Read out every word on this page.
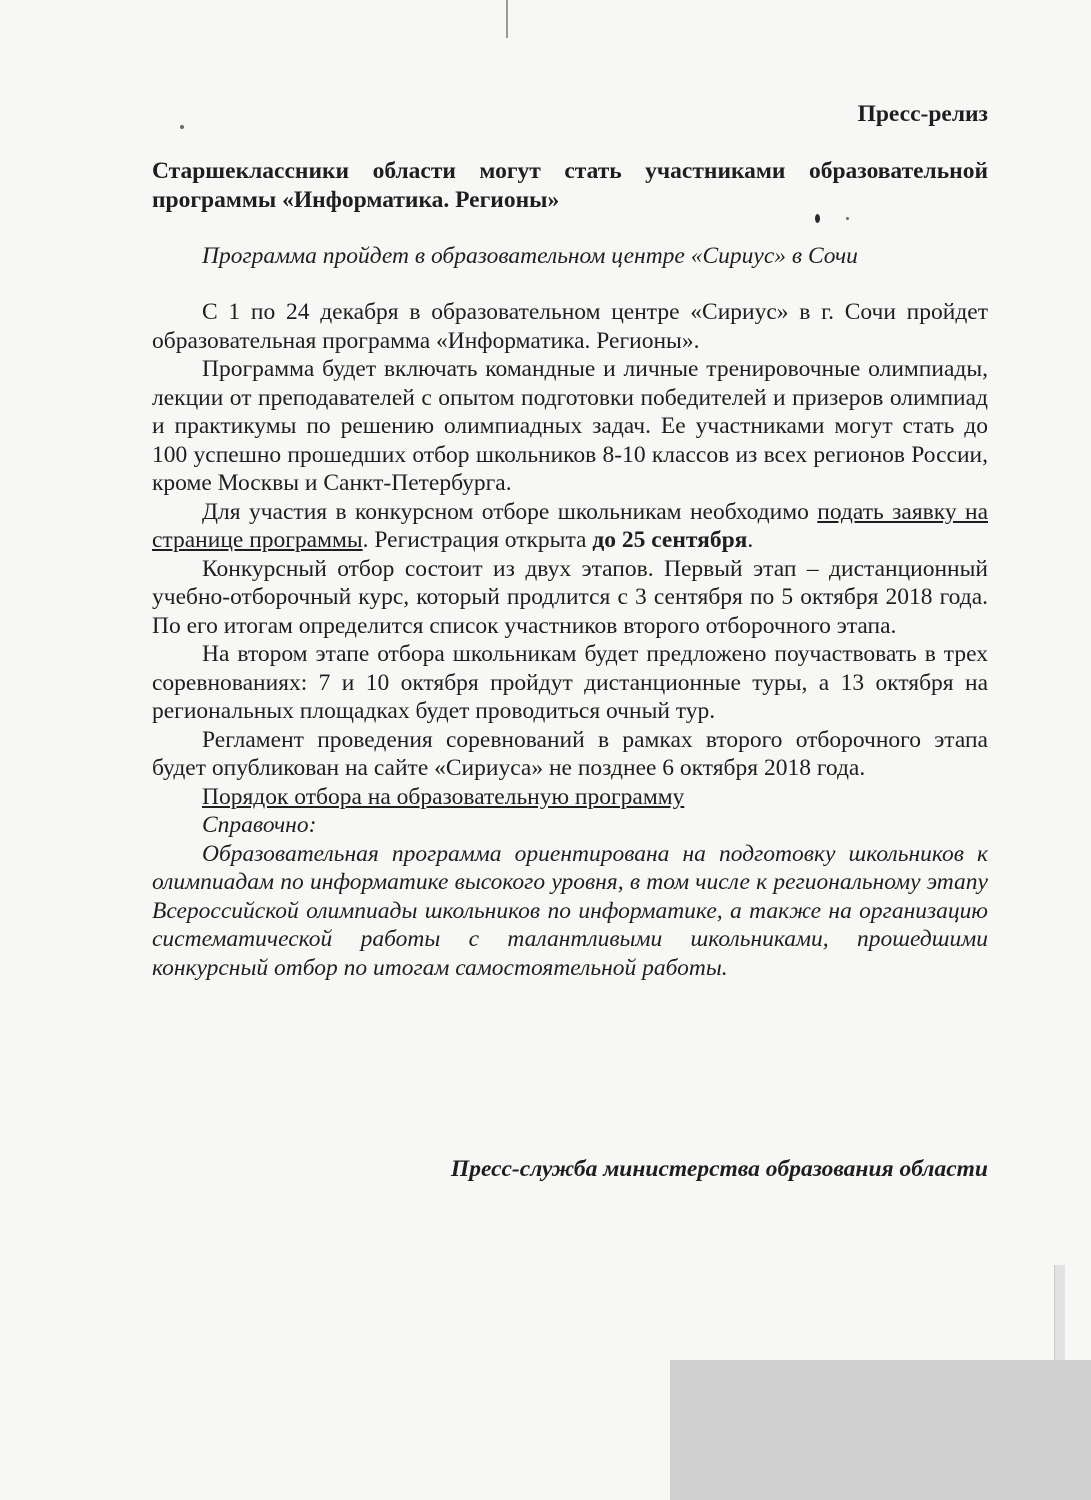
Пресс-релиз

Старшеклассники области могут стать участниками образовательной программы «Информатика. Регионы»

Программа пройдет в образовательном центре «Сириус» в Сочи

С 1 по 24 декабря в образовательном центре «Сириус» в г. Сочи пройдет образовательная программа «Информатика. Регионы».

Программа будет включать командные и личные тренировочные олимпиады, лекции от преподавателей с опытом подготовки победителей и призеров олимпиад и практикумы по решению олимпиадных задач. Ее участниками могут стать до 100 успешно прошедших отбор школьников 8-10 классов из всех регионов России, кроме Москвы и Санкт-Петербурга.

Для участия в конкурсном отборе школьникам необходимо подать заявку на странице программы. Регистрация открыта до 25 сентября.

Конкурсный отбор состоит из двух этапов. Первый этап – дистанционный учебно-отборочный курс, который продлится с 3 сентября по 5 октября 2018 года. По его итогам определится список участников второго отборочного этапа.

На втором этапе отбора школьникам будет предложено поучаствовать в трех соревнованиях: 7 и 10 октября пройдут дистанционные туры, а 13 октября на региональных площадках будет проводиться очный тур.

Регламент проведения соревнований в рамках второго отборочного этапа будет опубликован на сайте «Сириуса» не позднее 6 октября 2018 года.

Порядок отбора на образовательную программу

Справочно:

Образовательная программа ориентирована на подготовку школьников к олимпиадам по информатике высокого уровня, в том числе к региональному этапу Всероссийской олимпиады школьников по информатике, а также на организацию систематической работы с талантливыми школьниками, прошедшими конкурсный отбор по итогам самостоятельной работы.

Пресс-служба министерства образования области
